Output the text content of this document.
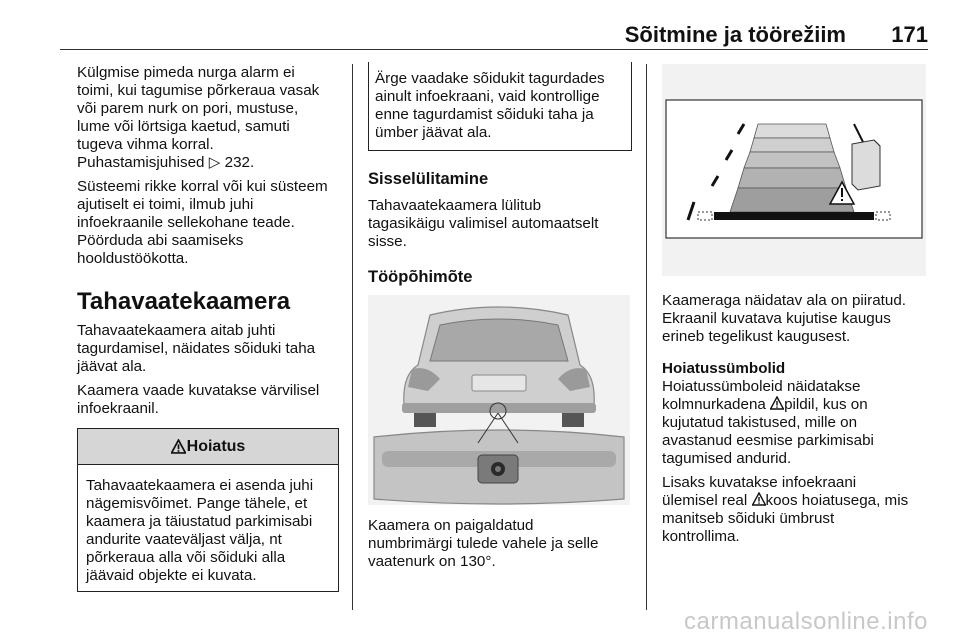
Sõitmine ja töörežiim 171

Külgmise pimeda nurga alarm ei
toimi, kui tagumise põrkeraua vasak
või parem nurk on pori, mustuse,
lume või lörtsiga kaetud, samuti
tugeva vihma korral.
Puhastamisjuhised ▷ 232.

Süsteemi rikke korral või kui süsteem
ajutiselt ei toimi, ilmub juhi
infoekraanile sellekohane teade.
Pöörduda abi saamiseks
hooldustöökotta.

Tahavaatekaamera

Tahavaatekaamera aitab juhti
tagurdamisel, näidates sõiduki taha
jäävat ala.

Kaamera vaade kuvatakse värvilisel
infoekraanil.

Hoiatus
Tahavaatekaamera ei asenda juhi
nägemisvõimet. Pange tähele, et
kaamera ja täiustatud parkimisabi
andurite vaateväljast välja, nt
põrkeraua alla või sõiduki alla
jäävaid objekte ei kuvata.
Ärge vaadake sõidukit tagurdades
ainult infoekraani, vaid kontrollige
enne tagurdamist sõiduki taha ja
ümber jäävat ala.
Sisselülitamine

Tahavaatekaamera lülitub
tagasikäigu valimisel automaatselt
sisse.

Tööpõhimõte

Kaamera on paigaldatud
numbrimärgi tulede vahele ja selle
vaatenurk on 130°.

Kaameraga näidatav ala on piiratud.
Ekraanil kuvatava kujutise kaugus
erineb tegelikust kaugusest.

Hoiatussümbolid

Hoiatussümboleid näidatakse
kolmnurkadena pildil, kus on
kujutatud takistused, mille on
avastanud eesmise parkimisabi
tagumised andurid.

Lisaks kuvatakse infoekraani
ülemisel real koos hoiatusega, mis
manitseb sõiduki ümbrust
kontrollima.

carmanualsonline.info
